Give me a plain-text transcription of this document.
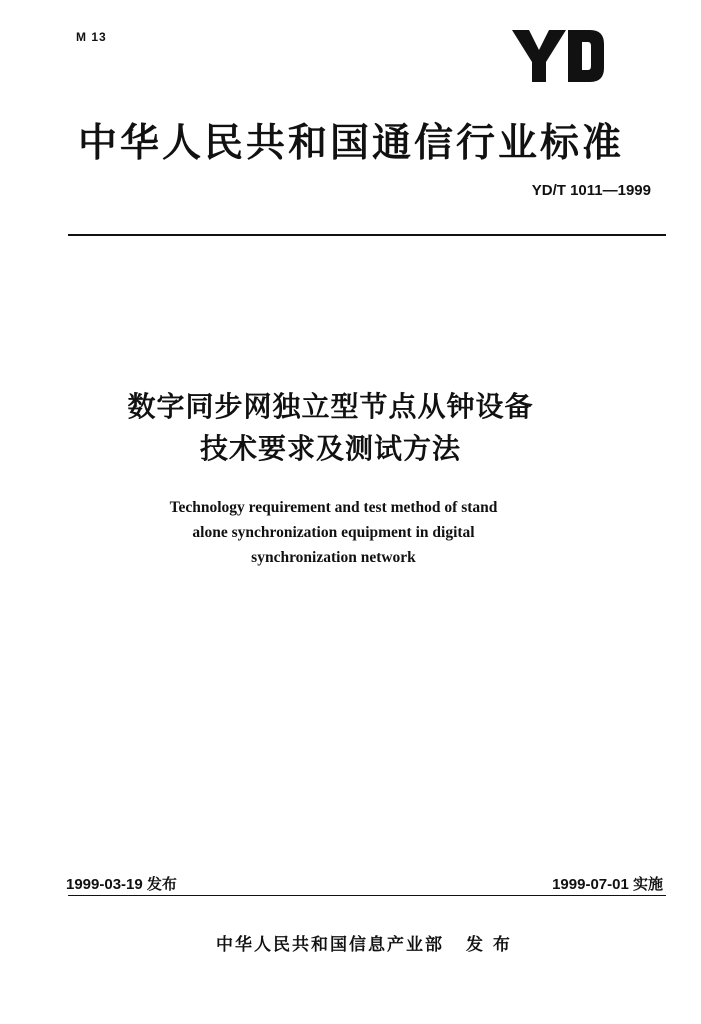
M 13
中华人民共和国通信行业标准
YD/T 1011—1999
数字同步网独立型节点从钟设备
技术要求及测试方法
Technology requirement and test method of stand
alone synchronization equipment in digital
synchronization network
1999-03-19 发布	1999-07-01 实施
中华人民共和国信息产业部 发 布
